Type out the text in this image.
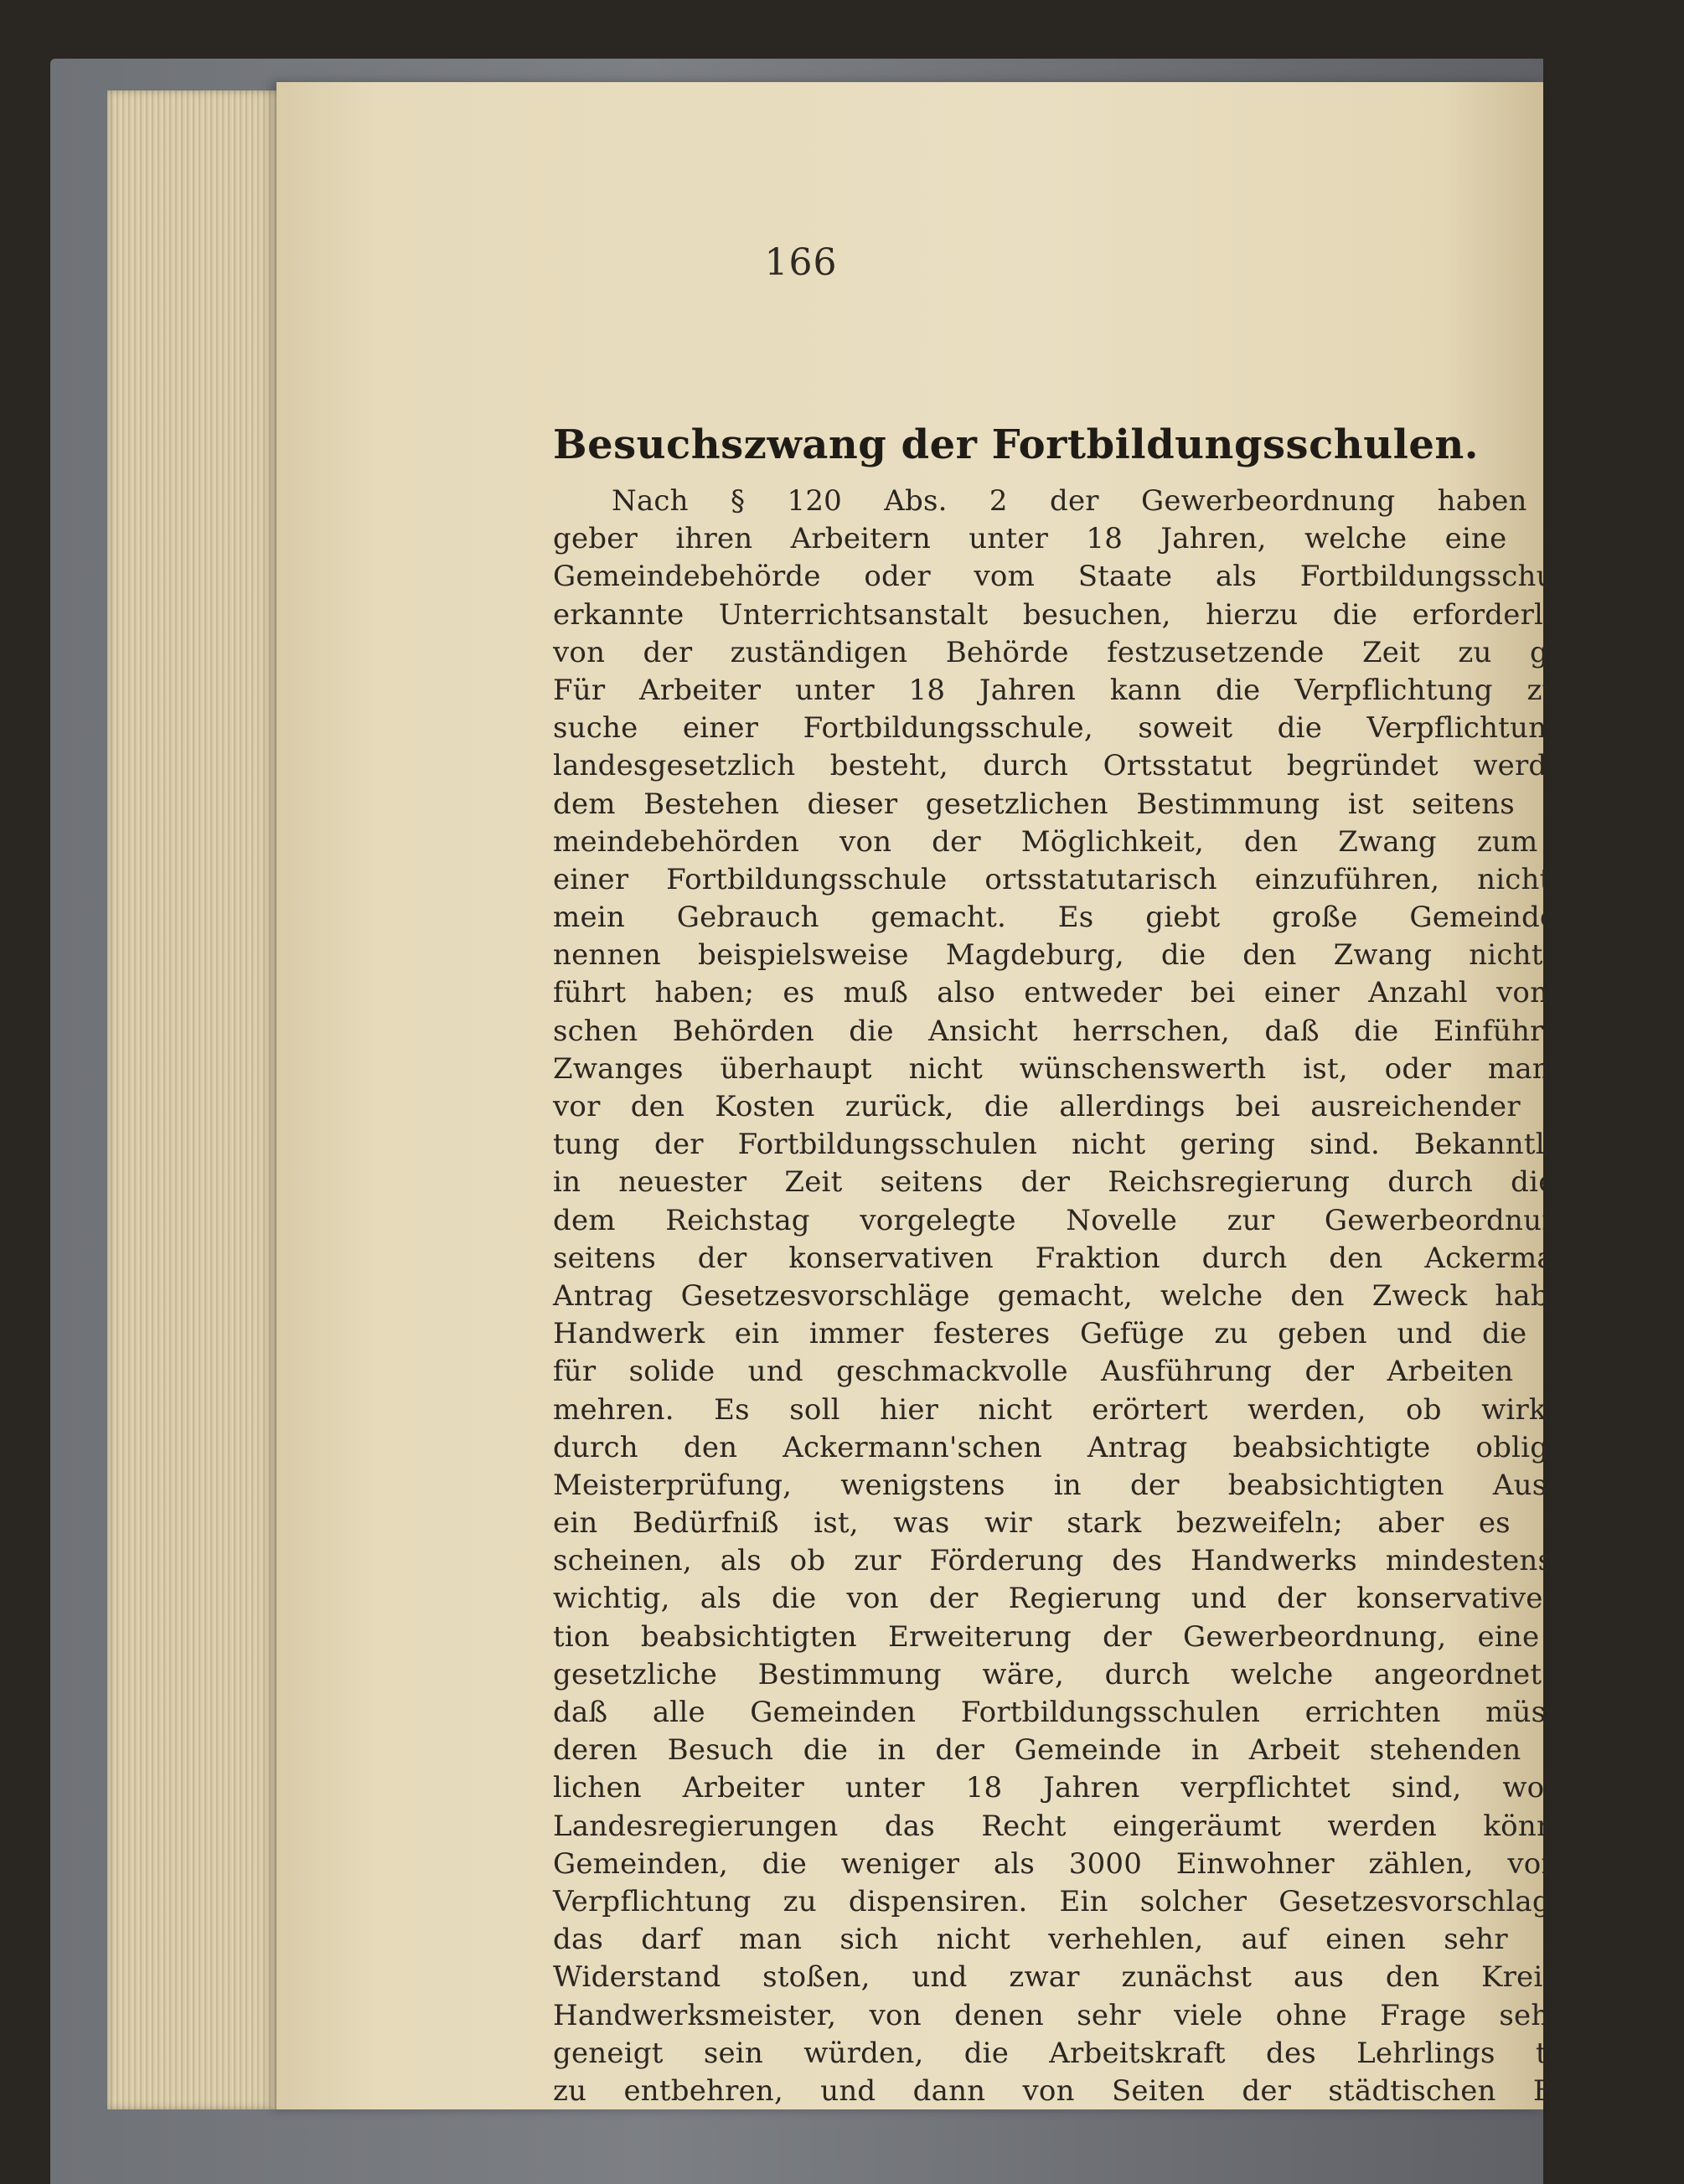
166
Besuchszwang der Fortbildungsschulen.
Nach § 120 Abs. 2 der Gewerbeordnung haben Arbeit=
geber ihren Arbeitern unter 18 Jahren, welche eine von der
Gemeindebehörde oder vom Staate als Fortbildungsschule an=
erkannte Unterrichtsanstalt besuchen, hierzu die erforderlichenfalls
von der zuständigen Behörde festzusetzende Zeit zu gewähren.
Für Arbeiter unter 18 Jahren kann die Verpflichtung zum Be=
suche einer Fortbildungsschule, soweit die Verpflichtung nicht
landesgesetzlich besteht, durch Ortsstatut begründet werden. Seit
dem Bestehen dieser gesetzlichen Bestimmung ist seitens der Ge=
meindebehörden von der Möglichkeit, den Zwang zum Besuch
einer Fortbildungsschule ortsstatutarisch einzuführen, nicht allge=
mein Gebrauch gemacht. Es giebt große Gemeinden, wir
nennen beispielsweise Magdeburg, die den Zwang nicht einge=
führt haben; es muß also entweder bei einer Anzahl von städti=
schen Behörden die Ansicht herrschen, daß die Einführung des
Zwanges überhaupt nicht wünschenswerth ist, oder man scheut
vor den Kosten zurück, die allerdings bei ausreichender Ausstat=
tung der Fortbildungsschulen nicht gering sind. Bekanntlich sind
in neuester Zeit seitens der Reichsregierung durch die jüngst
dem Reichstag vorgelegte Novelle zur Gewerbeordnung und
seitens der konservativen Fraktion durch den Ackermann'schen
Antrag Gesetzesvorschläge gemacht, welche den Zweck haben, dem
Handwerk ein immer festeres Gefüge zu geben und die Garantie
für solide und geschmackvolle Ausführung der Arbeiten zu ver=
mehren. Es soll hier nicht erörtert werden, ob wirklich die
durch den Ackermann'schen Antrag beabsichtigte obligatorische
Meisterprüfung, wenigstens in der beabsichtigten Ausdehnung,
ein Bedürfniß ist, was wir stark bezweifeln; aber es will uns
scheinen, als ob zur Förderung des Handwerks mindestens ebenso
wichtig, als die von der Regierung und der konservativen Frak=
tion beabsichtigten Erweiterung der Gewerbeordnung, eine reichs=
gesetzliche Bestimmung wäre, durch welche angeordnet würde,
daß alle Gemeinden Fortbildungsschulen errichten müssen, zu
deren Besuch die in der Gemeinde in Arbeit stehenden gewerb=
lichen Arbeiter unter 18 Jahren verpflichtet sind, wobei den
Landesregierungen das Recht eingeräumt werden könnte, die
Gemeinden, die weniger als 3000 Einwohner zählen, von dieser
Verpflichtung zu dispensiren. Ein solcher Gesetzesvorschlag würde,
das darf man sich nicht verhehlen, auf einen sehr lebhaften
Widerstand stoßen, und zwar zunächst aus den Kreisen der
Handwerksmeister, von denen sehr viele ohne Frage sehr wenig
geneigt sein würden, die Arbeitskraft des Lehrlings theilweise
zu entbehren, und dann von Seiten der städtischen Behörden,
